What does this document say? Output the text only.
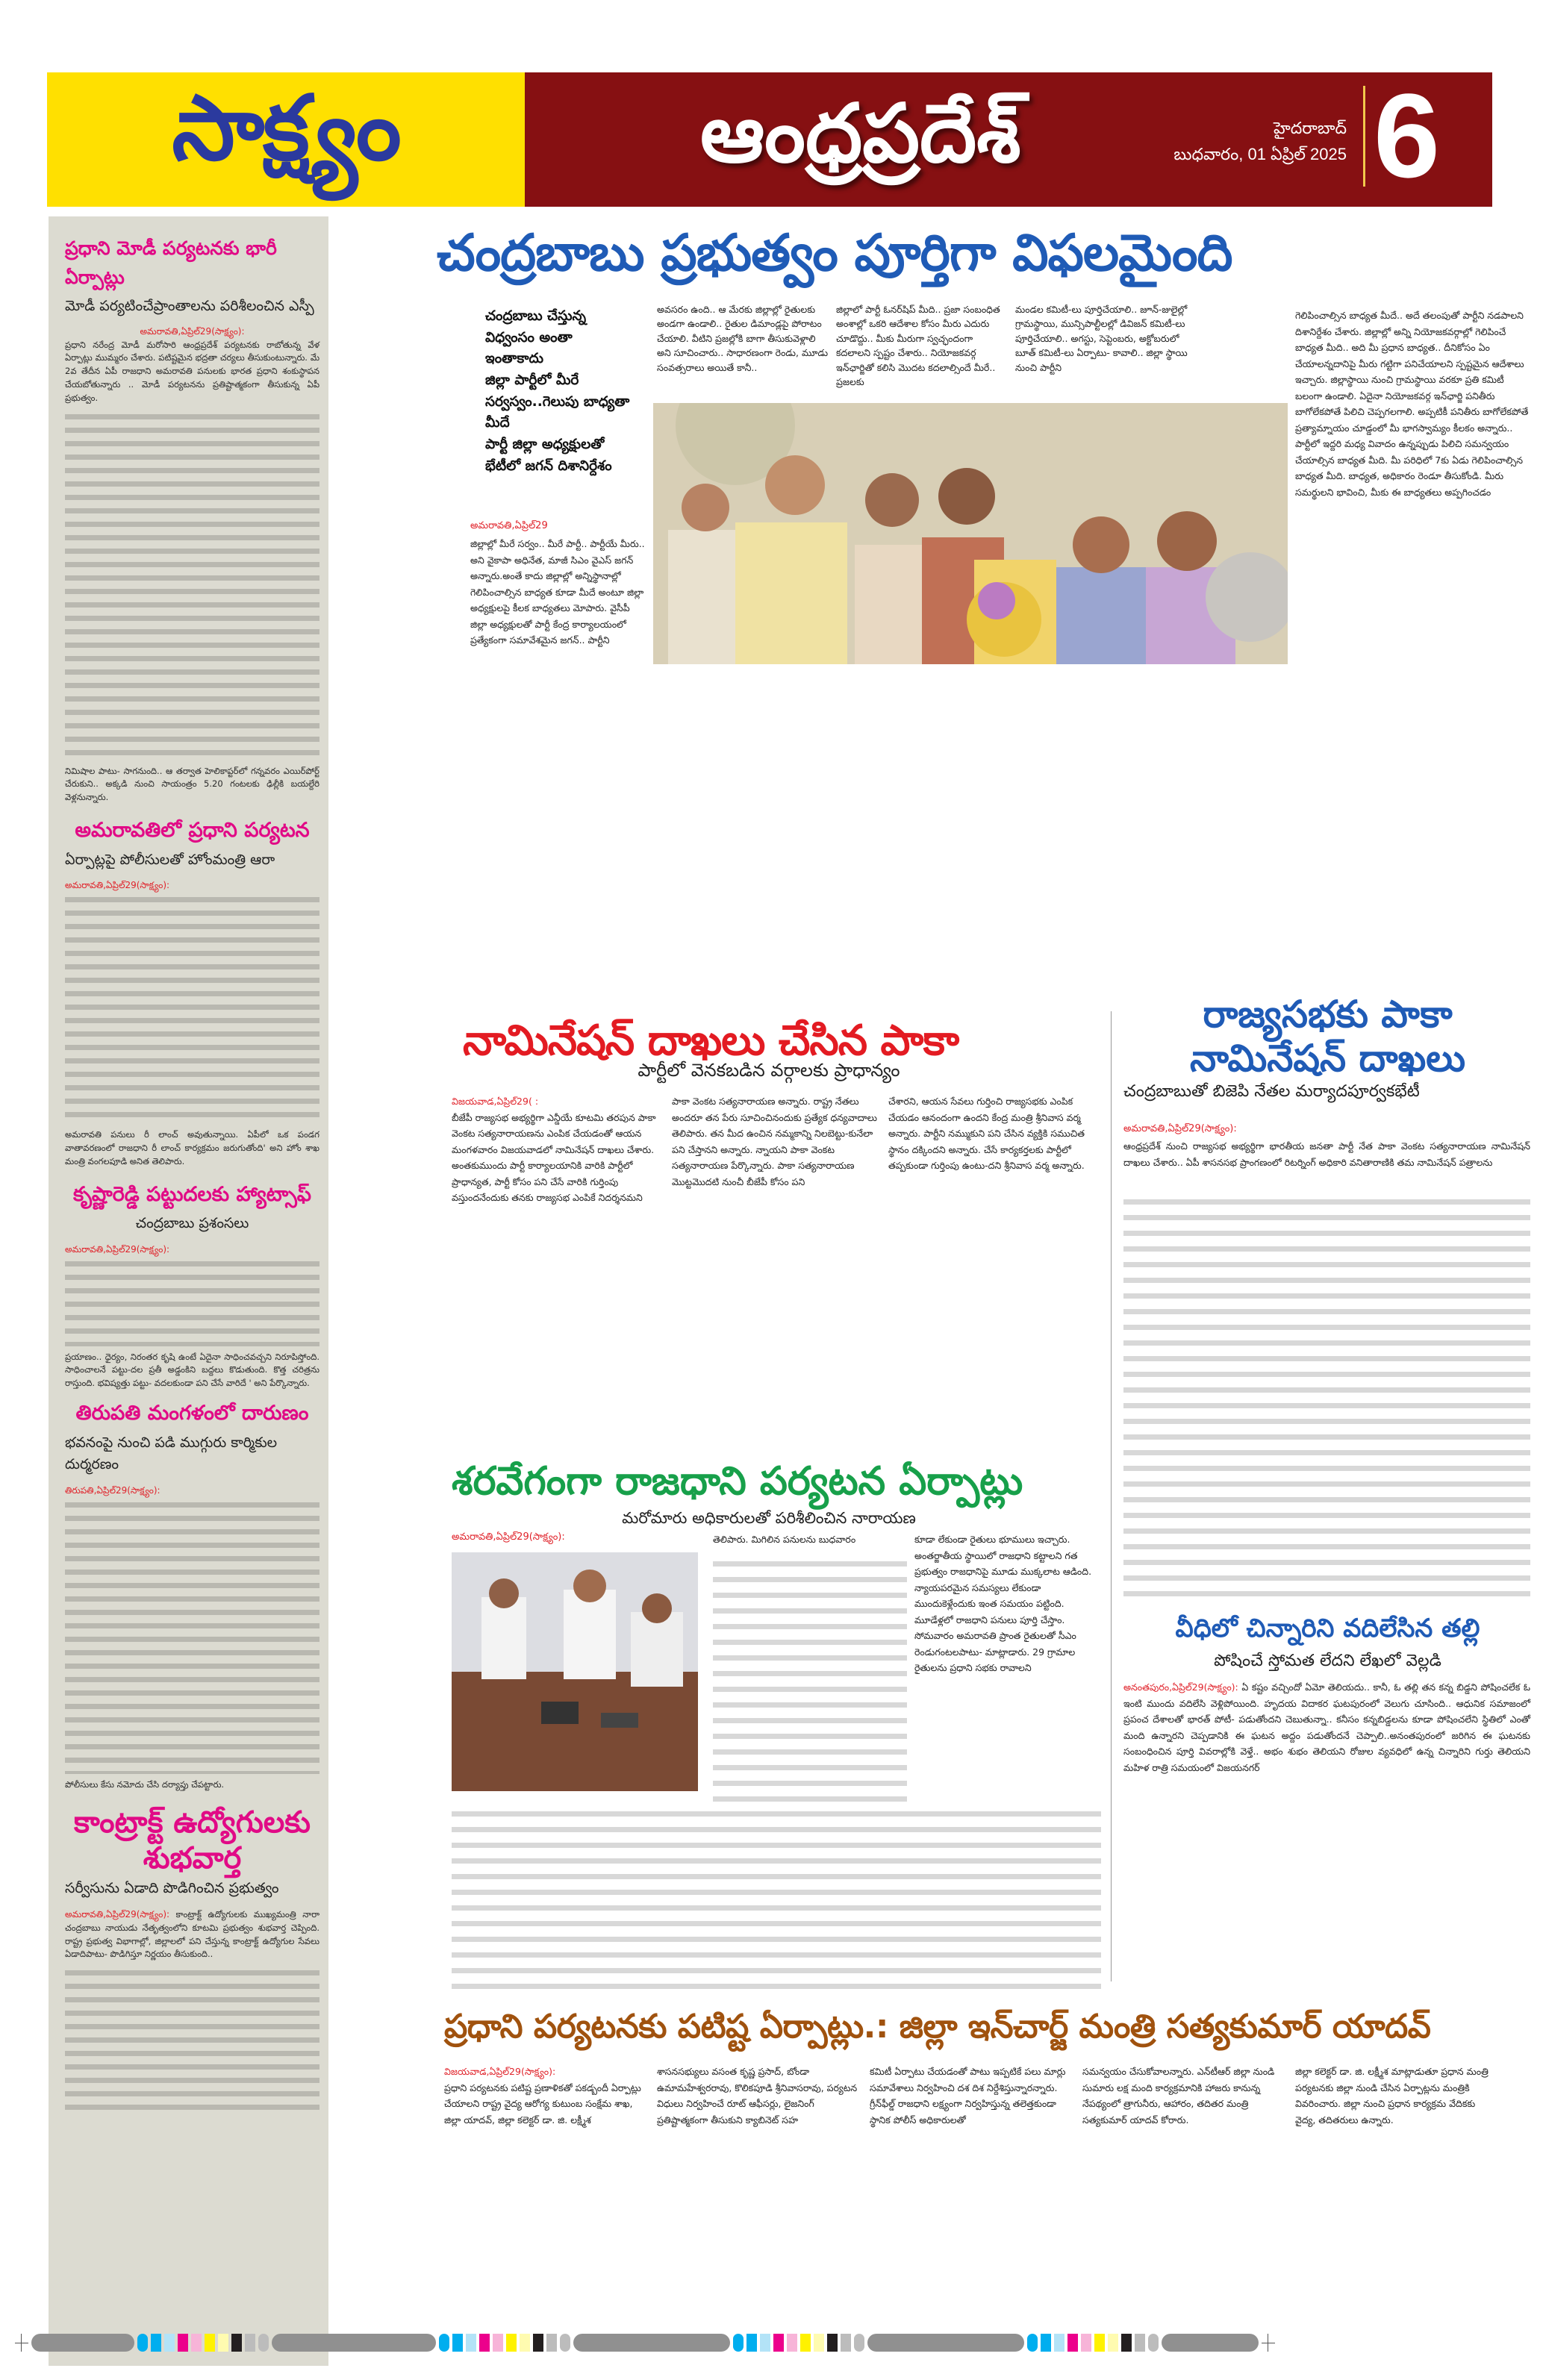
సాక్ష్యం	ఆంధ్రప్రదేశ్	హైదరాబాద్
బుధవారం, 01 ఏప్రిల్ 2025 6
ప్రధాని మోడీ పర్యటనకు భారీ ఏర్పాట్లు
మోడీ పర్యటించేప్రాంతాలను పరిశీలంచిన ఎస్పీ
అమరావతి,ఏప్రిల్29(సాక్ష్యం):

ప్రధాని నరేంద్ర మోడీ మరోసారి ఆంధ్రప్రదేశ్ పర్యటనకు రాబోతున్న వేళ ఏర్పాట్లు ముమ్మరం చేశారు. పటిష్టమైన భద్రతా చర్యలు తీసుకుంటున్నారు. మే 2వ తేదీన ఏపీ రాజధాని అమరావతి పనులకు భారత ప్రధాని శంకుస్థాపన చేయబోతున్నారు .. మోడీ పర్యటనను ప్రతిష్టాత్మకంగా తీసుకున్న ఏపీ ప్రభుత్వం.

నిమిషాల పాటు- సాగనుంది.. ఆ తర్వాత హెలికాప్టర్‌లో గన్నవరం ఎయిర్‌పోర్ట్ చేరుకుని.. అక్కడి నుంచి సాయంత్రం 5.20 గంటలకు ఢిల్లీకి బయల్దేరి వెళ్లనున్నారు.

అమరావతిలో ప్రధాని పర్యటన
ఏర్పాట్లపై పోలీసులతో హోంమంత్రి ఆరా
అమరావతి,ఏప్రిల్29(సాక్ష్యం):

అమరావతి పనులు రీ లాంచ్ అవుతున్నాయి. ఏపీలో ఒక పండగ వాతావరణంలో రాజధాని రీ లాంచ్ కార్యక్రమం జరుగుతోంది' అని హోం శాఖ మంత్రి వంగలపూడి అనిత తెలిపారు.

కృష్ణారెడ్డి పట్టుదలకు హ్యాట్సాఫ్
చంద్రబాబు ప్రశంసలు
అమరావతి,ఏప్రిల్29(సాక్ష్యం):

ప్రయాణం.. ధైర్యం, నిరంతర కృషి ఉంటే ఏదైనా సాధించవచ్చని నిరూపిస్తోంది. సాధించాలనే పట్టు-దల ప్రతీ అడ్డంకిని బద్దలు కొడుతుంది. కొత్త చరిత్రను రాస్తుంది. భవిష్యత్తు పట్టు- వదలకుండా పని చేసే వారిదే ' అని పేర్కొన్నారు.

తిరుపతి మంగళంలో దారుణం
భవనంపై నుంచి పడి ముగ్గురు కార్మికుల దుర్మరణం
తిరుపతి,ఏప్రిల్29(సాక్ష్యం):

పోలీసులు కేసు నమోదు చేసి దర్యాప్తు చేపట్టారు.

కాంట్రాక్ట్ ఉద్యోగులకు
శుభవార్త
సర్వీసును ఏడాది పొడిగించిన ప్రభుత్వం

అమరావతి,ఏప్రిల్29(సాక్ష్యం): కాంట్రాక్ట్ ఉద్యోగులకు ముఖ్యమంత్రి నారా చంద్రబాబు నాయుడు నేతృత్వంలోని కూటమి ప్రభుత్వం శుభవార్త చెప్పింది. రాష్ట్ర ప్రభుత్వ విభాగాల్లో, జిల్లాలలో పని చేస్తున్న కాంట్రాక్ట్ ఉద్యోగుల సేవలు ఏడాదిపాటు- పొడిగిస్తూ నిర్ణయం తీసుకుంది..

చంద్రబాబు ప్రభుత్వం పూర్తిగా విఫలమైంది
చంద్రబాబు చేస్తున్న
విధ్వంసం అంతా
ఇంతాకాదు
జిల్లా పార్టీలో మీరే
సర్వస్వం..గెలుపు బాధ్యతా
మీదే
పార్టీ జిల్లా అధ్యక్షులతో
భేటీలో జగన్ దిశానిర్దేశం
అమరావతి,ఏప్రిల్29
జిల్లాల్లో మీరే సర్వం.. మీరే పార్టీ.. పార్టీయే మీరు.. అని వైకాపా అధినేత, మాజీ సిఎం వైఎస్ జగన్ అన్నారు.అంతే కాదు జిల్లాల్లో అన్నిస్థానాల్లో గెలిపించాల్సిన బాధ్యత కూడా మీదే అంటూ జిల్లా అధ్యక్షులపై కీలక బాధ్యతలు మోపారు. వైసీపీ జిల్లా అధ్యక్షులతో పార్టీ కేంద్ర కార్యాలయంలో ప్రత్యేకంగా సమావేశమైన జగన్.. పార్టీని
అవసరం ఉంది.. ఆ మేరకు జిల్లాల్లో రైతులకు అండగా ఉండాలి.. రైతుల డిమాండ్లపై పోరాటం చేయాలి. వీటిని ప్రజల్లోకి బాగా తీసుకువెళ్లాలి అని సూచించారు.. సాధారణంగా రెండు, మూడు సంవత్సరాలు అయితే కానీ..
జిల్లాలో పార్టీ ఓనర్‌షిప్ మీది.. ప్రజా సంబంధిత అంశాల్లో ఒకరి ఆదేశాల కోసం మీరు ఎదురు చూడొద్దు.. మీకు మీరుగా స్వచ్ఛందంగా కదలాలని స్పష్టం చేశారు.. నియోజకవర్గ ఇన్‌ఛార్జితో కలిసి మొదట కదలాల్సిందే మీరే.. ప్రజలకు
మండల కమిటీ-లు పూర్తిచేయాలి.. జూన్-జులైల్లో గ్రామస్థాయి, మున్సిపాల్టీలల్లో డివిజన్ కమిటీ-లు పూర్తిచేయాలి.. అగస్టు, సెప్టెంబరు, అక్టోబరులో బూత్ కమిటీ-లు ఏర్పాటు- కావాలి.. జిల్లా స్థాయి నుంచి పార్టీని
గెలిపించాల్సిన బాధ్యత మీదే.. అదే తలంపుతో పార్టీని నడపాలని దిశానిర్దేశం చేశారు. జిల్లాల్లో అన్ని నియోజకవర్గాల్లో గెలిపించే బాధ్యత మీది.. అది మీ ప్రధాన బాధ్యత.. దీనికోసం ఏం చేయాలన్నదానిపై మీరు గట్టిగా పనిచేయాలని స్పష్టమైన ఆదేశాలు ఇచ్చారు. జిల్లాస్థాయి నుంచి గ్రామస్థాయి వరకూ ప్రతి కమిటీ బలంగా ఉండాలి. ఏదైనా నియోజకవర్గ ఇన్‌ఛార్జి పనితీరు బాగోలేకపోతే పిలిచి చెప్పగలగాలి. అప్పటికీ పనితీరు బాగోలేకపోతే ప్రత్యామ్నాయం చూడ్డంలో మీ భాగస్వామ్యం కీలకం అన్నారు.. పార్టీలో ఇద్దరి మధ్య వివాదం ఉన్నప్పుడు పిలిచి సమన్వయం చేయాల్సిన బాధ్యత మీది. మీ పరిధిలో 7కు ఏడు గెలిపించాల్సిన బాధ్యత మీది. బాధ్యత, అధికారం రెండూ తీసుకోండి. మీరు సమర్థులని భావించి, మీకు ఈ బాధ్యతలు అప్పగించడం
నామినేషన్ దాఖలు చేసిన పాకా
పార్టీలో వెనకబడిన వర్గాలకు ప్రాధాన్యం
విజయవాడ,ఏప్రిల్29( :
బీజేపీ రాజ్యసభ అభ్యర్థిగా ఎన్డీయే కూటమి తరపున పాకా వెంకట సత్యనారాయణను ఎంపిక చేయడంతో ఆయన మంగళవారం విజయవాడలో నామినేషన్ దాఖలు చేశారు. అంతకుముందు పార్టీ కార్యాలయానికి వారికి పార్టీలో ప్రాధాన్యత, పార్టీ కోసం పని చేసే వారికి గుర్తింపు వస్తుందనేందుకు తనకు రాజ్యసభ ఎంపికే నిదర్శనమని
పాకా వెంకట సత్యనారాయణ అన్నారు. రాష్ట్ర నేతలు అందరూ తన పేరు సూచించినందుకు ప్రత్యేక ధన్యవాదాలు తెలిపారు. తన మీద ఉంచిన నమ్మకాన్ని నిలబెట్టు-కునేలా పని చేస్తానని అన్నారు. న్నాయని పాకా వెంకట సత్యనారాయణ పేర్కొన్నారు. పాకా సత్యనారాయణ మొట్టమొదటి నుంచీ బీజేపీ కోసం పని
చేశారని, ఆయన సేవలు గుర్తించి రాజ్యసభకు ఎంపిక చేయడం ఆనందంగా ఉందని కేంద్ర మంత్రి శ్రీనివాస వర్మ అన్నారు. పార్టీని నమ్ముకుని పని చేసిన వ్యక్తికి సముచిత స్థానం దక్కిందని అన్నారు. చేసే కార్యకర్తలకు పార్టీలో తప్పకుండా గుర్తింపు ఉంటు-దని శ్రీనివాస వర్మ అన్నారు.
రాజ్యసభకు పాకా
నామినేషన్ దాఖలు
చంద్రబాబుతో బిజెపి నేతల మర్యాదపూర్వకభేటీ
అమరావతి,ఏప్రిల్29(సాక్ష్యం):
ఆంధ్రప్రదేశ్ నుంచి రాజ్యసభ అభ్యర్థిగా భారతీయ జనతా పార్టీ నేత పాకా వెంకట సత్యనారాయణ నామినేషన్ దాఖలు చేశారు.. ఏపీ శాసనసభ ప్రాంగణంలో రిటర్నింగ్ అధికారి వనితారాణికి తమ నామినేషన్ పత్రాలను
వీధిలో చిన్నారిని వదిలేసిన తల్లి
పోషించే స్తోమత లేదని లేఖలో వెల్లడి
అనంతపురం,ఏప్రిల్29(సాక్ష్యం): ఏ కష్టం వచ్చిందో ఏమో తెలియదు.. కానీ, ఓ తల్లి తన కన్న బిడ్డని పోషించలేక ఓ ఇంటి ముందు వదిలేసి వెళ్లిపోయింది. హృదయ విదాకర ఘటపురంలో వెలుగు చూసింది.. ఆధునిక సమాజంలో ప్రపంచ దేశాలతో భారత్ పోటీ- పడుతోందని చెబుతున్నా.. కనీసం కన్నబిడ్డలను కూడా పోషించలేని స్థితిలో ఎంతో మంది ఉన్నారని చెప్పడానికి ఈ ఘటన అద్దం పడుతోందనే చెప్పాలి..అనంతపురంలో జరిగిన ఈ ఘటనకు సంబంధించిన పూర్తి వివరాల్లోకి వెళ్తే.. అభం శుభం తెలియని రోజుల వ్యవధిలో ఉన్న చిన్నారిని గుర్తు తెలియని మహిళ రాత్రి సమయంలో విజయనగర్
శరవేగంగా రాజధాని పర్యటన ఏర్పాట్లు
మరోమారు అధికారులతో పరిశీలించిన నారాయణ
అమరావతి,ఏప్రిల్29(సాక్ష్యం):	తెలిపారు. మిగిలిన పనులను బుధవారం	కూడా లేకుండా రైతులు భూములు ఇచ్చారు. అంతర్జాతీయ స్థాయిలో రాజధాని కట్టాలని గత ప్రభుత్వం రాజధానిపై మూడు ముక్కలాట ఆడింది. న్యాయపరమైన సమస్యలు లేకుండా ముందుకెళ్లేందుకు ఇంత సమయం పట్టింది. మూడేళ్లలో రాజధాని పనులు పూర్తి చేస్తాం. సోమవారం అమరావతి ప్రాంత రైతులతో సీఎం రెండుగంటలపాటు- మాట్లాడారు. 29 గ్రామాల రైతులను ప్రధాని సభకు రావాలని
ప్రధాని పర్యటనకు పటిష్ట ఏర్పాట్లు.: జిల్లా ఇన్‌చార్జ్ మంత్రి సత్యకుమార్ యాదవ్
విజయవాడ,ఏప్రిల్29(సాక్ష్యం):
ప్రధాని పర్యటనకు పటిష్ట ప్రణాళికతో పకడ్బందీ ఏర్పాట్లు చేయాలని రాష్ట్ర వైద్య ఆరోగ్య కుటుంబ సంక్షేమ శాఖ, జిల్లా యాదవ్, జిల్లా కలెక్టర్ డా. జి. లక్ష్మీశ
శాసనసభ్యులు వసంత కృష్ణ ప్రసాద్, బోండా ఉమామహేశ్వరరావు, కొలికపూడి శ్రీనివాసరావు, పర్యటన విధులు నిర్వహించే రూట్ ఆఫీసర్లు, లైజనింగ్ ప్రతిష్టాత్మకంగా తీసుకుని క్యాబినెట్ సహ
కమిటీ ఏర్పాటు చేయడంతో పాటు ఇప్పటికే పలు మార్లు సమావేశాలు నిర్వహించి దశ దిశ నిర్దేశిస్తున్నారన్నారు. గ్రీన్‌ఫీల్డ్ రాజధాని లక్ష్యంగా నిర్వహిస్తున్న తలెత్తకుండా స్థానిక పోలీస్ అధికారులతో
సమన్వయం చేసుకోవాలన్నారు. ఎన్‌టీఆర్ జిల్లా నుండి సుమారు లక్ష మంది కార్యక్రమానికి హాజరు కానున్న నేపథ్యంలో త్రాగునీరు, ఆహారం, తదితర మంత్రి సత్యకుమార్ యాదవ్ కోరారు.
జిల్లా కలెక్టర్ డా. జి. లక్ష్మీశ మాట్లాడుతూ ప్రధాన మంత్రి పర్యటనకు జిల్లా నుండి చేసిన ఏర్పాట్లను మంత్రికి వివరించారు. జిల్లా నుంచి ప్రధాన కార్యక్రమ వేదికకు వైద్య, తదితరులు ఉన్నారు.
